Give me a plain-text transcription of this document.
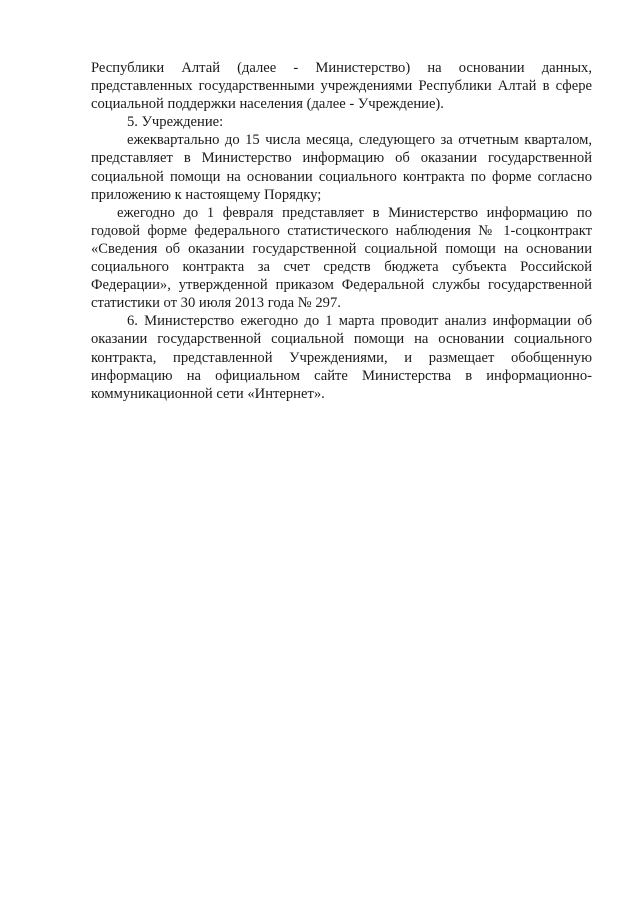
Республики Алтай (далее - Министерство) на основании данных, представленных государственными учреждениями Республики Алтай в сфере социальной поддержки населения (далее - Учреждение).

5. Учреждение:

ежеквартально до 15 числа месяца, следующего за отчетным кварталом, представляет в Министерство информацию об оказании государственной социальной помощи на основании социального контракта по форме согласно приложению к настоящему Порядку;

ежегодно до 1 февраля представляет в Министерство информацию по годовой форме федерального статистического наблюдения № 1-соцконтракт «Сведения об оказании государственной социальной помощи на основании социального контракта за счет средств бюджета субъекта Российской Федерации», утвержденной приказом Федеральной службы государственной статистики от 30 июля 2013 года № 297.

6. Министерство ежегодно до 1 марта проводит анализ информации об оказании государственной социальной помощи на основании социального контракта, представленной Учреждениями, и размещает обобщенную информацию на официальном сайте Министерства в информационно-коммуникационной сети «Интернет».
